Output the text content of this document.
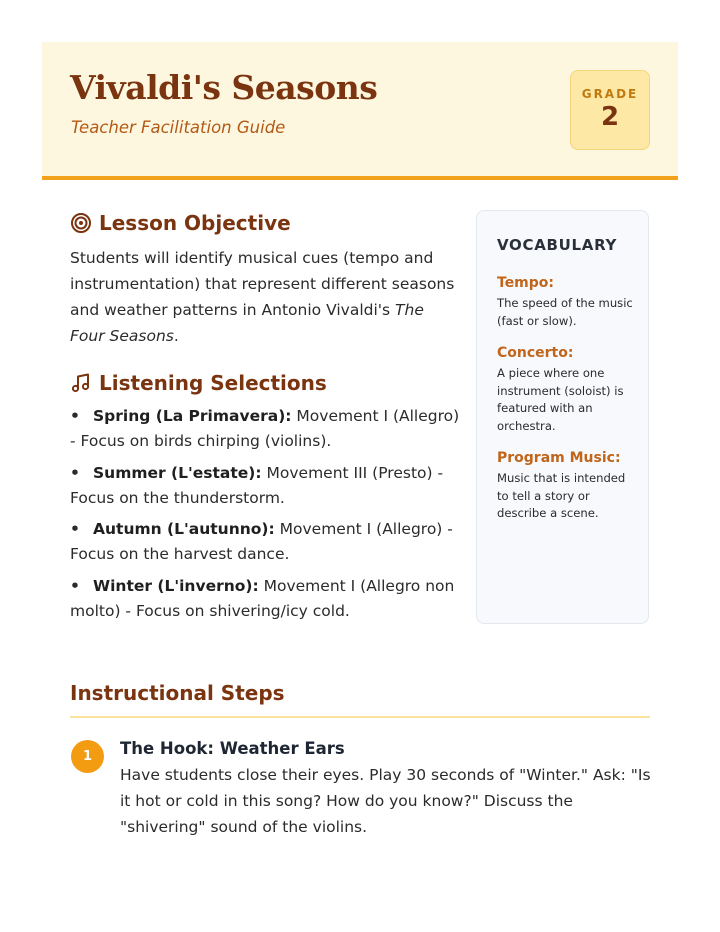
Vivaldi's Seasons
Teacher Facilitation Guide
GRADE
2
Lesson Objective

Students will identify musical cues (tempo and instrumentation) that represent different seasons and weather patterns in Antonio Vivaldi's The Four Seasons.

Listening Selections
• Spring (La Primavera): Movement I (Allegro) - Focus on birds chirping (violins).
• Summer (L'estate): Movement III (Presto) - Focus on the thunderstorm.
• Autumn (L'autunno): Movement I (Allegro) - Focus on the harvest dance.
• Winter (L'inverno): Movement I (Allegro non molto) - Focus on shivering/icy cold.
VOCABULARY
Tempo:
The speed of the music (fast or slow).
Concerto:
A piece where one instrument (soloist) is featured with an orchestra.
Program Music:
Music that is intended to tell a story or describe a scene.
Instructional Steps
1	The Hook: Weather Ears

Have students close their eyes. Play 30 seconds of "Winter." Ask: "Is it hot or cold in this song? How do you know?" Discuss the "shivering" sound of the violins.
